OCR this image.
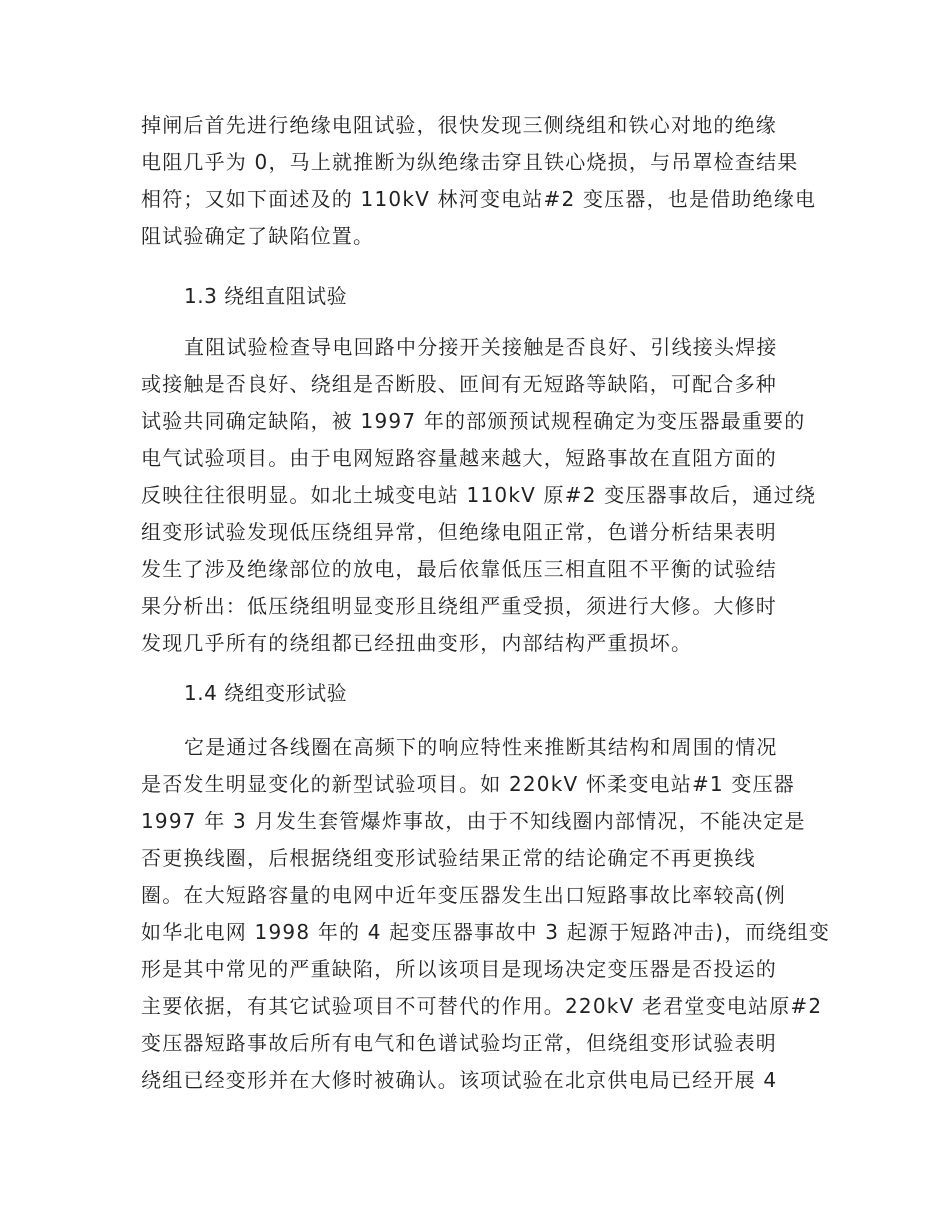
掉闸后首先进行绝缘电阻试验，很快发现三侧绕组和铁心对地的绝缘
电阻几乎为 0，马上就推断为纵绝缘击穿且铁心烧损，与吊罩检查结果
相符；又如下面述及的 110kV 林河变电站#2 变压器，也是借助绝缘电
阻试验确定了缺陷位置。
1.3 绕组直阻试验
直阻试验检查导电回路中分接开关接触是否良好、引线接头焊接
或接触是否良好、绕组是否断股、匝间有无短路等缺陷，可配合多种
试验共同确定缺陷，被 1997 年的部颁预试规程确定为变压器最重要的
电气试验项目。由于电网短路容量越来越大，短路事故在直阻方面的
反映往往很明显。如北土城变电站 110kV 原#2 变压器事故后，通过绕
组变形试验发现低压绕组异常，但绝缘电阻正常，色谱分析结果表明
发生了涉及绝缘部位的放电，最后依靠低压三相直阻不平衡的试验结
果分析出：低压绕组明显变形且绕组严重受损，须进行大修。大修时
发现几乎所有的绕组都已经扭曲变形，内部结构严重损坏。
1.4 绕组变形试验
它是通过各线圈在高频下的响应特性来推断其结构和周围的情况
是否发生明显变化的新型试验项目。如 220kV 怀柔变电站#1 变压器
1997 年 3 月发生套管爆炸事故，由于不知线圈内部情况，不能决定是
否更换线圈，后根据绕组变形试验结果正常的结论确定不再更换线
圈。在大短路容量的电网中近年变压器发生出口短路事故比率较高(例
如华北电网 1998 年的 4 起变压器事故中 3 起源于短路冲击)，而绕组变
形是其中常见的严重缺陷，所以该项目是现场决定变压器是否投运的
主要依据，有其它试验项目不可替代的作用。220kV 老君堂变电站原#2
变压器短路事故后所有电气和色谱试验均正常，但绕组变形试验表明
绕组已经变形并在大修时被确认。该项试验在北京供电局已经开展 4
